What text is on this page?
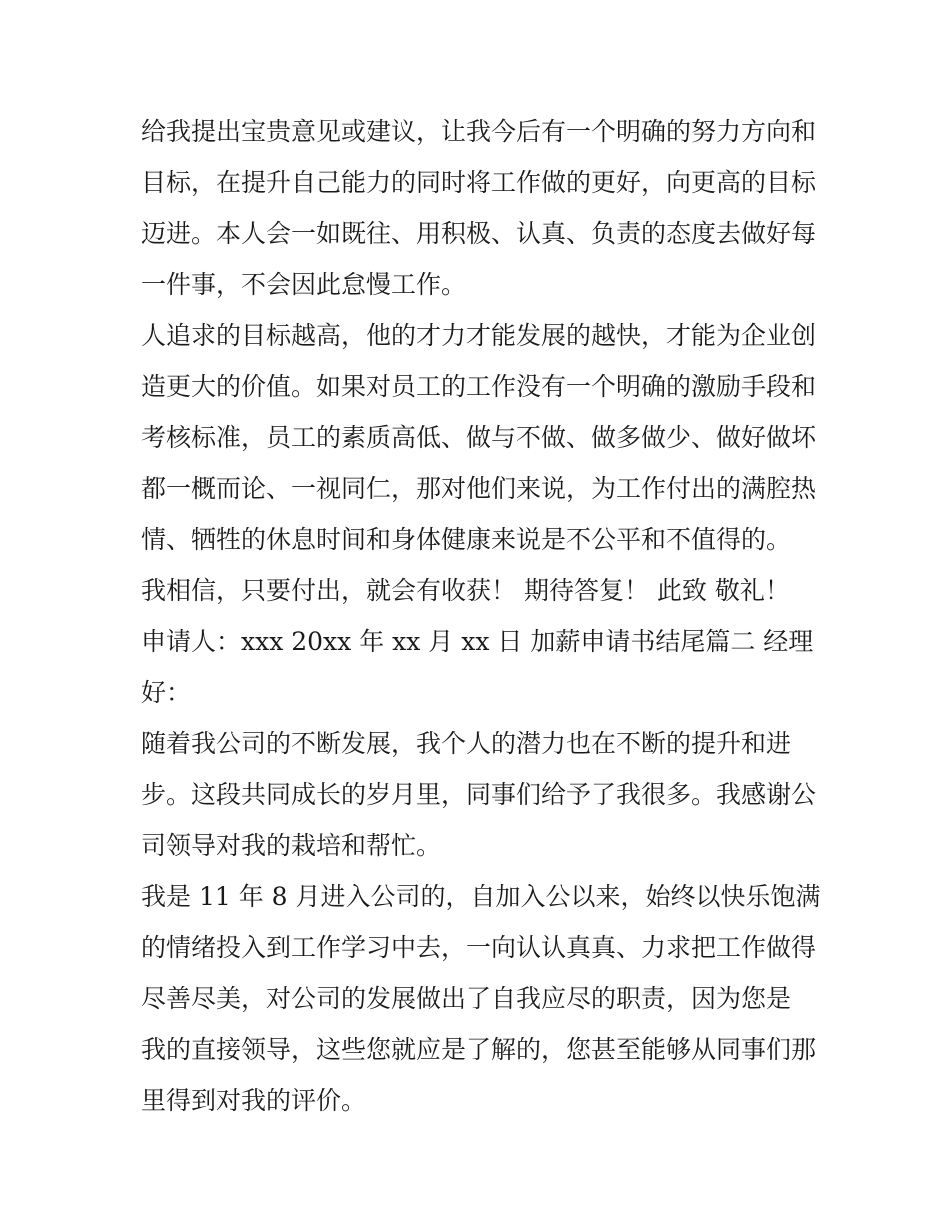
给我提出宝贵意见或建议，让我今后有一个明确的努力方向和
目标，在提升自己能力的同时将工作做的更好，向更高的目标
迈进。本人会一如既往、用积极、认真、负责的态度去做好每
一件事，不会因此怠慢工作。
人追求的目标越高，他的才力才能发展的越快，才能为企业创
造更大的价值。如果对员工的工作没有一个明确的激励手段和
考核标准，员工的素质高低、做与不做、做多做少、做好做坏
都一概而论、一视同仁，那对他们来说，为工作付出的满腔热
情、牺牲的休息时间和身体健康来说是不公平和不值得的。
我相信，只要付出，就会有收获！ 期待答复！ 此致 敬礼！
申请人：xxx 20xx 年 xx 月 xx 日 加薪申请书结尾篇二 经理
好：
随着我公司的不断发展，我个人的潜力也在不断的提升和进
步。这段共同成长的岁月里，同事们给予了我很多。我感谢公
司领导对我的栽培和帮忙。
我是 11 年 8 月进入公司的，自加入公以来，始终以快乐饱满
的情绪投入到工作学习中去，一向认认真真、力求把工作做得
尽善尽美，对公司的发展做出了自我应尽的职责，因为您是
我的直接领导，这些您就应是了解的，您甚至能够从同事们那
里得到对我的评价。
